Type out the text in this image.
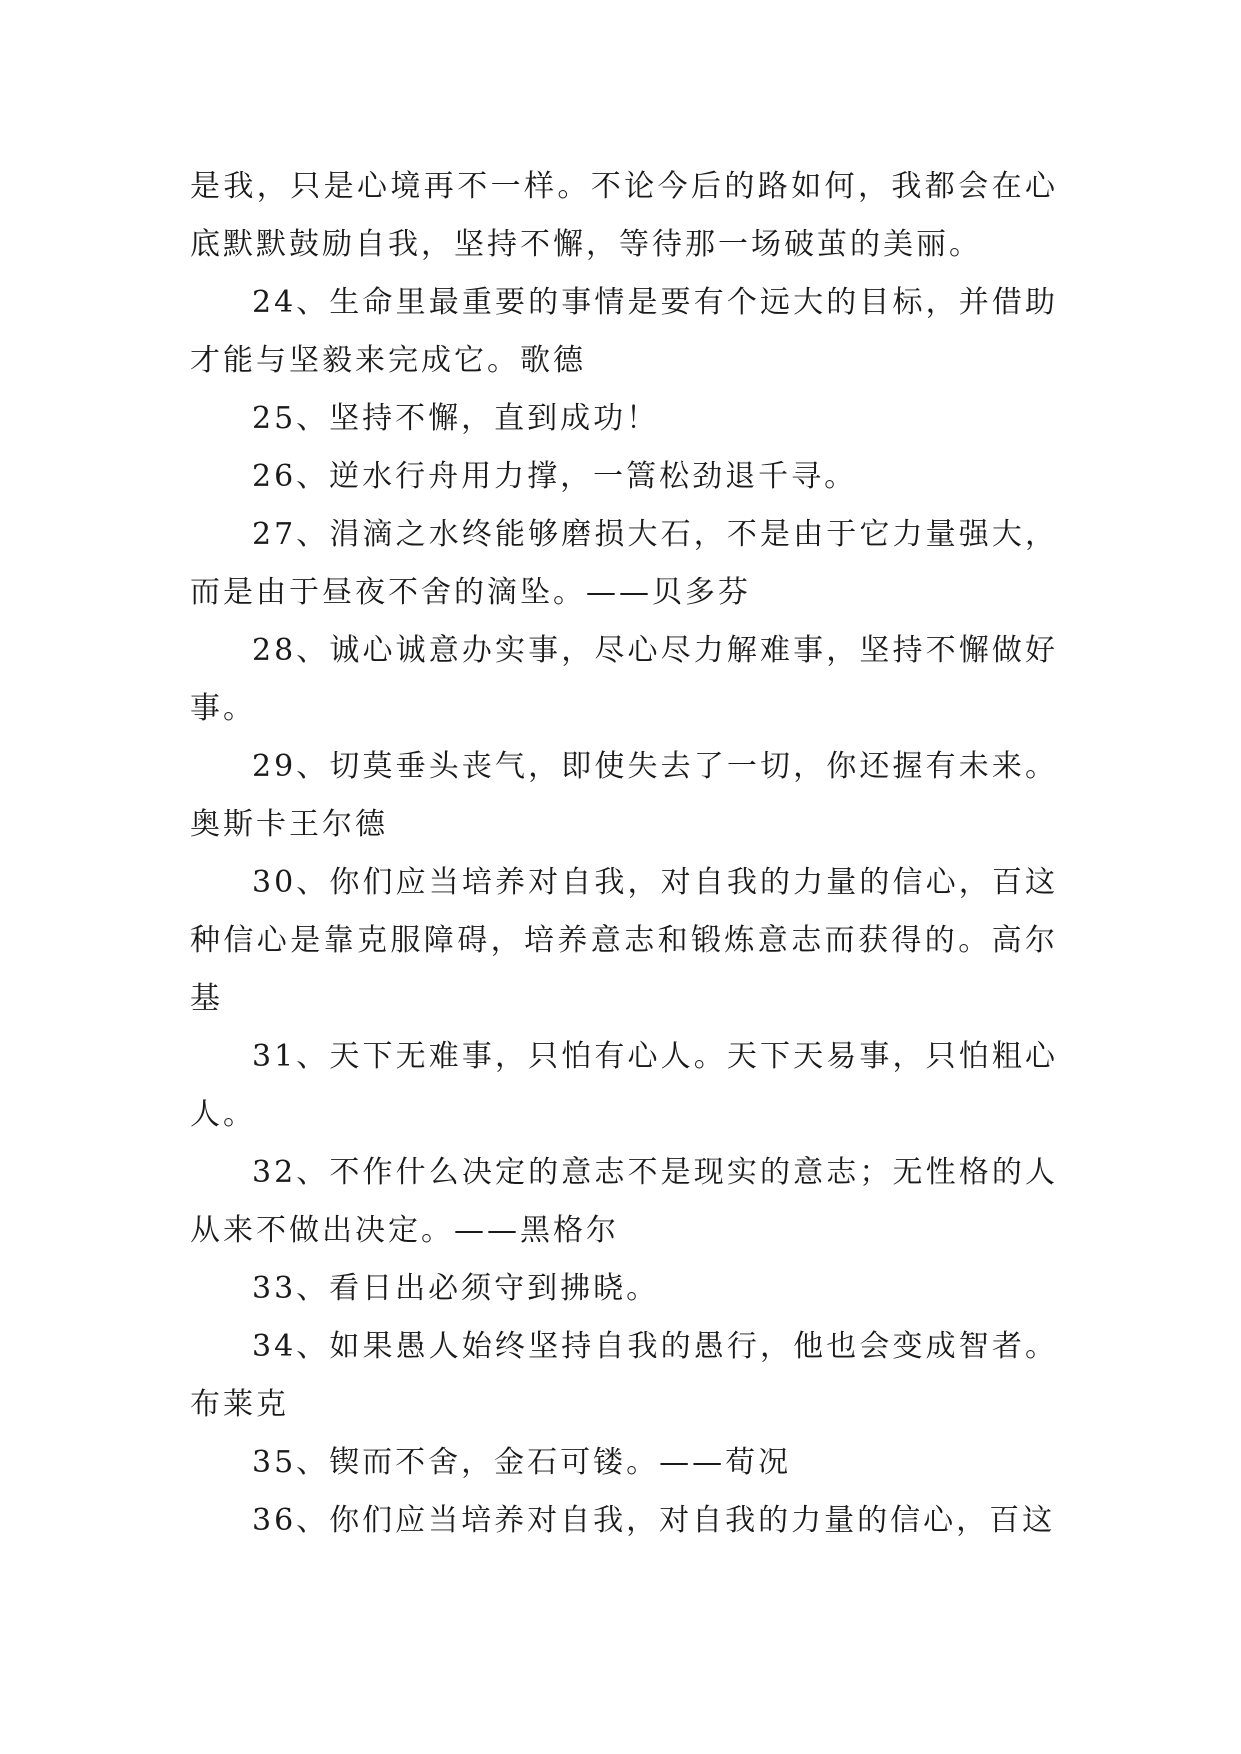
是我，只是心境再不一样。不论今后的路如何，我都会在心底默默鼓励自我，坚持不懈，等待那一场破茧的美丽。

24、生命里最重要的事情是要有个远大的目标，并借助才能与坚毅来完成它。歌德

25、坚持不懈，直到成功！

26、逆水行舟用力撑，一篙松劲退千寻。

27、涓滴之水终能够磨损大石，不是由于它力量强大，而是由于昼夜不舍的滴坠。——贝多芬

28、诚心诚意办实事，尽心尽力解难事，坚持不懈做好事。

29、切莫垂头丧气，即使失去了一切，你还握有未来。奥斯卡王尔德

30、你们应当培养对自我，对自我的力量的信心，百这种信心是靠克服障碍，培养意志和锻炼意志而获得的。高尔基

31、天下无难事，只怕有心人。天下天易事，只怕粗心人。

32、不作什么决定的意志不是现实的意志；无性格的人从来不做出决定。——黑格尔

33、看日出必须守到拂晓。

34、如果愚人始终坚持自我的愚行，他也会变成智者。布莱克

35、锲而不舍，金石可镂。——荀况

36、你们应当培养对自我，对自我的力量的信心，百这
